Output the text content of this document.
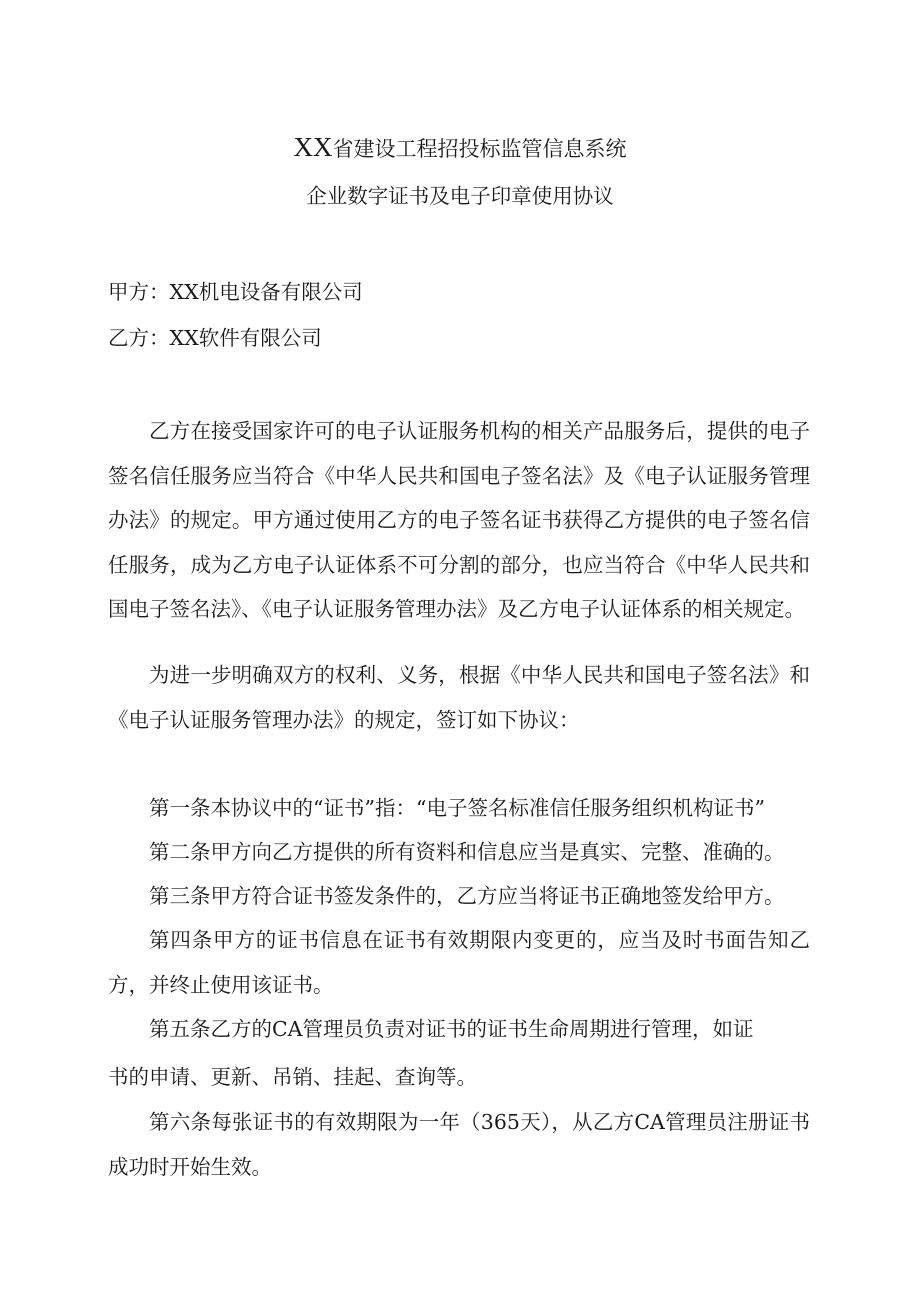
XX省建设工程招投标监管信息系统
企业数字证书及电子印章使用协议
甲方：XX机电设备有限公司
乙方：XX软件有限公司
乙方在接受国家许可的电子认证服务机构的相关产品服务后，提供的电子签名信任服务应当符合《中华人民共和国电子签名法》及《电子认证服务管理办法》的规定。甲方通过使用乙方的电子签名证书获得乙方提供的电子签名信任服务，成为乙方电子认证体系不可分割的部分，也应当符合《中华人民共和国电子签名法》、《电子认证服务管理办法》及乙方电子认证体系的相关规定。
为进一步明确双方的权利、义务，根据《中华人民共和国电子签名法》和《电子认证服务管理办法》的规定，签订如下协议：
第一条本协议中的“证书”指：“电子签名标准信任服务组织机构证书”
第二条甲方向乙方提供的所有资料和信息应当是真实、完整、准确的。
第三条甲方符合证书签发条件的，乙方应当将证书正确地签发给甲方。
第四条甲方的证书信息在证书有效期限内变更的，应当及时书面告知乙方，并终止使用该证书。
第五条乙方的CA管理员负责对证书的证书生命周期进行管理，如证
书的申请、更新、吊销、挂起、查询等。
第六条每张证书的有效期限为一年（365天），从乙方CA管理员注册证书成功时开始生效。
